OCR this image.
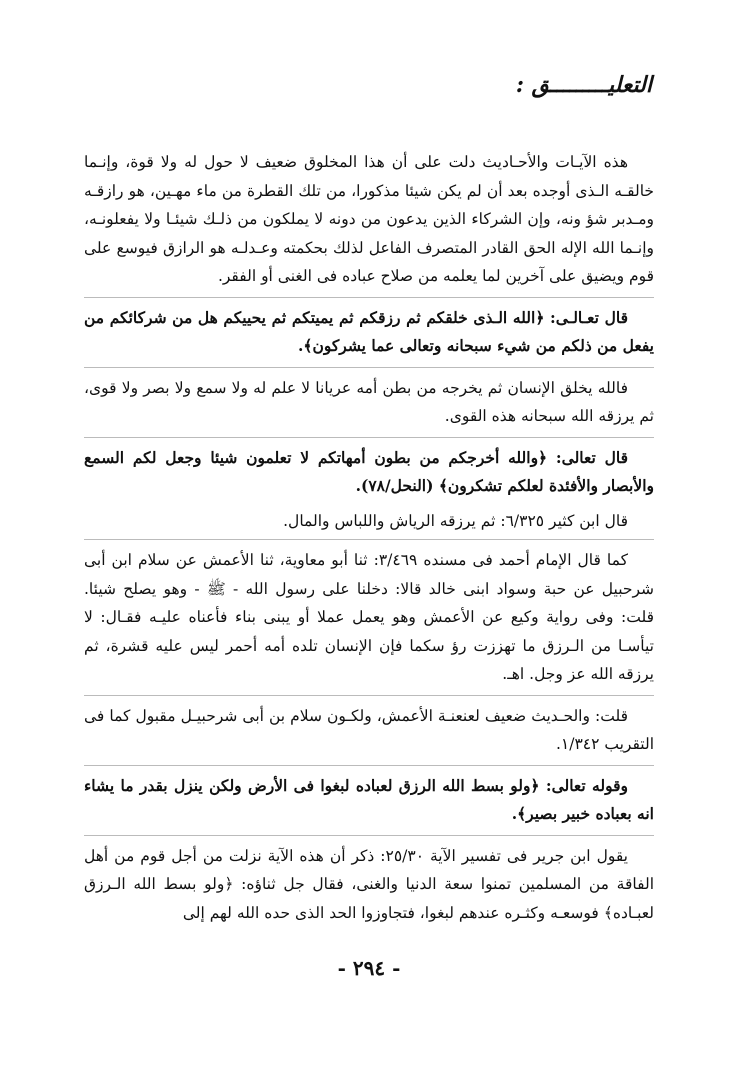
التعليـــــــــق :

هذه الآيـات والأحـاديث دلت على أن هذا المخلوق ضعيف لا حول له ولا قوة، وإنـما خالقـه الـذى أوجده بعد أن لم يكن شيئا مذكورا، من تلك القطرة من ماء مهـين، هو رازقـه ومـدبر شؤ ونه، وإن الشركاء الذين يدعون من دونه لا يملكون من ذلـك شيئـا ولا يفعلونـه، وإنـما الله الإله الحق القادر المتصرف الفاعل لذلك بحكمته وعـدلـه هو الرازق فيوسع على قوم ويضيق على آخرين لما يعلمه من صلاح عباده فى الغنى أو الفقر.

قال تعـالـى: ﴿الله الـذى خلقكم ثم رزقكم ثم يميتكم ثم يحييكم هل من شركائكم من يفعل من ذلكم من شيء سبحانه وتعالى عما يشركون﴾.

فالله يخلق الإنسان ثم يخرجه من بطن أمه عريانا لا علم له ولا سمع ولا بصر ولا قوى، ثم يرزقه الله سبحانه هذه القوى.

قال تعالى: ﴿والله أخرجكم من بطون أمهاتكم لا تعلمون شيئا وجعل لكم السمع والأبصار والأفئدة لعلكم تشكرون﴾ (النحل/٧٨).

قال ابن كثير ٦/٣٢٥: ثم يرزقه الرياش واللباس والمال.

كما قال الإمام أحمد فى مسنده ٣/٤٦٩: ثنا أبو معاوية، ثنا الأعمش عن سلام ابن أبى شرحبيل عن حبة وسواد ابنى خالد قالا: دخلنا على رسول الله - ﷺ - وهو يصلح شيئا. قلت: وفى رواية وكيع عن الأعمش وهو يعمل عملا أو يبنى بناء فأعناه عليـه فقـال: لا تيأسـا من الـرزق ما تهززت رؤ سكما فإن الإنسان تلده أمه أحمر ليس عليه قشرة، ثم يرزقه الله عز وجل. اهـ.

قلت: والحـديث ضعيف لعنعنـة الأعمش، ولكـون سلام بن أبى شرحبيـل مقبول كما فى التقريب ١/٣٤٢.

وقوله تعالى: ﴿ولو بسط الله الرزق لعباده لبغوا فى الأرض ولكن ينزل بقدر ما يشاء انه بعباده خبير بصير﴾.

يقول ابن جرير فى تفسير الآية ٢٥/٣٠: ذكر أن هذه الآية نزلت من أجل قوم من أهل الفاقة من المسلمين تمنوا سعة الدنيا والغنى، فقال جل ثناؤه: ﴿ولو بسط الله الـرزق لعبـاده﴾ فوسعـه وكثـره عندهم لبغوا، فتجاوزوا الحد الذى حده الله لهم إلى

- ٢٩٤ -
